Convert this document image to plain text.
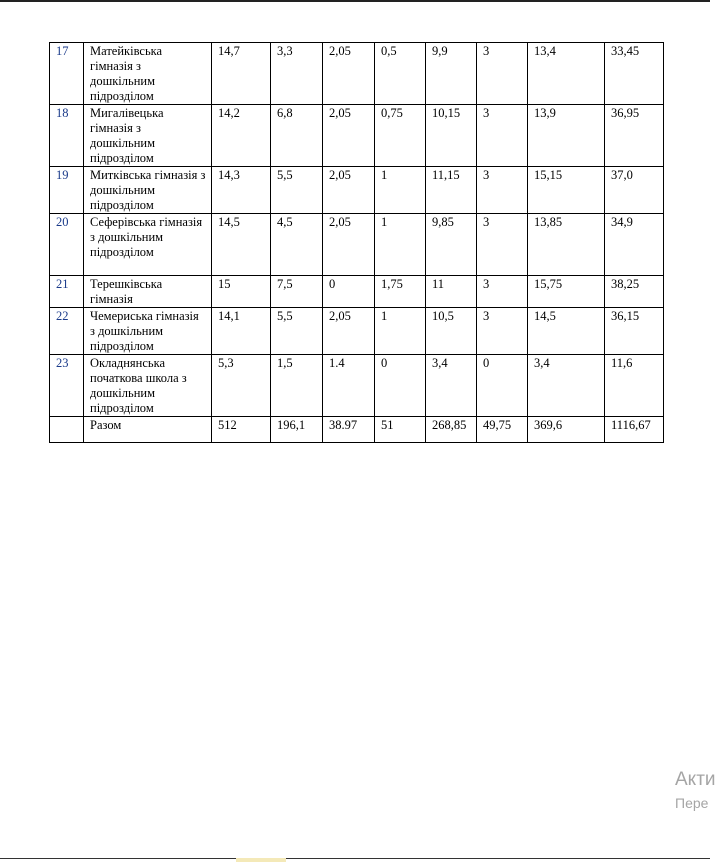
17	Матейківська гімназія з дошкільним підрозділом	14,7	3,3	2,05	0,5	9,9	3	13,4	33,45
18	Мигалівецька гімназія з дошкільним підрозділом	14,2	6,8	2,05	0,75	10,15	3	13,9	36,95
19	Митківська гімназія з дошкільним підрозділом	14,3	5,5	2,05	1	11,15	3	15,15	37,0
20	Сеферівська гімназія з дошкільним підрозділом	14,5	4,5	2,05	1	9,85	3	13,85	34,9
21	Терешківська гімназія	15	7,5	0	1,75	11	3	15,75	38,25
22	Чемериська гімназія з дошкільним підрозділом	14,1	5,5	2,05	1	10,5	3	14,5	36,15
23	Окладнянська початкова школа з дошкільним підрозділом	5,3	1,5	1.4	0	3,4	0	3,4	11,6
	Разом	512	196,1	38.97	51	268,85	49,75	369,6	1116,67
Акти
Пере
